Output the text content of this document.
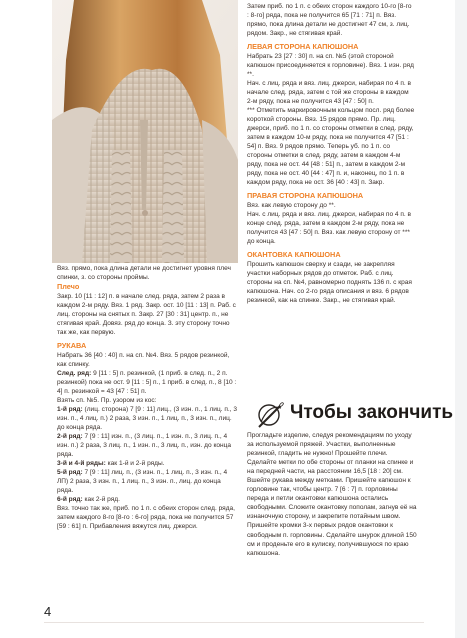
Вяз. прямо, пока длина детали не достигнет уровня плеч спинки, з. со стороны проймы.

Плечо

Закр. 10 [11 : 12] п. в начале след. ряда, затем 2 раза в каждом 2-м ряду. Вяз. 1 ряд. Закр. ост. 10 [11 : 13] п. Раб. с лиц. стороны на снятых п. Закр. 27 [30 : 31] центр. п., не стягивая край. Довяз. ряд до конца. З. эту сторону точно так же, как первую.

РУКАВА

Набрать 36 [40 : 40] п. на сп. №4. Вяз. 5 рядов резинкой, как спинку.

След. ряд: 9 [11 : 5] п. резинкой, (1 приб. в след. п., 2 п. резинкой) пока не ост. 9 [11 : 5] п., 1 приб. в след. п., 8 [10 : 4] п. резинкой = 43 [47 : 51] п.

Взять сп. №5. Пр. узором из кос:

1-й ряд: (лиц. сторона) 7 [9 : 11] лиц., (3 изн. п., 1 лиц. п., 3 изн. п., 4 лиц. п.) 2 раза, 3 изн. п., 1 лиц. п., 3 изн. п., лиц. до конца ряда.

2-й ряд: 7 [9 : 11] изн. п., (3 лиц. п., 1 изн. п., 3 лиц. п., 4 изн. п.) 2 раза, 3 лиц. п., 1 изн. п., 3 лиц. п., изн. до конца ряда.

3-й и 4-й ряды: как 1-й и 2-й ряды.

5-й ряд: 7 [9 : 11] лиц. п., (3 изн. п., 1 лиц. п., 3 изн. п., 4 ЛП) 2 раза, 3 изн. п., 1 лиц. п., 3 изн. п., лиц. до конца ряда.

6-й ряд: как 2-й ряд.

Вяз. точно так же, приб. по 1 п. с обеих сторон след. ряда, затем каждого 8-го [8-го : 6-го] ряда, пока не получится 57 [59 : 61] п. Прибавления вяжутся лиц. джерси.

Затем приб. по 1 п. с обеих сторон каждого 10-го [8-го : 8-го] ряда, пока не получится 65 [71 : 71] п. Вяз. прямо, пока длина детали не достигнет 47 см, з. лиц. рядом. Закр., не стягивая край.

ЛЕВАЯ СТОРОНА КАПЮШОНА

Набрать 23 [27 : 30] п. на сп. №5 (этой стороной капюшон присоединяется к горловине). Вяз. 1 изн. ряд **.

Нач. с лиц. ряда и вяз. лиц. джерси, набирая по 4 п. в начале след. ряда, затем с той же стороны в каждом 2-м ряду, пока не получится 43 [47 : 50] п.

*** Отметить маркировочным кольцом посл. ряд более короткой стороны. Вяз. 15 рядов прямо. Пр. лиц. джерси, приб. по 1 п. со стороны отметки в след. ряду, затем в каждом 10-м ряду, пока не получится 47 [51 : 54] п. Вяз. 9 рядов прямо. Теперь уб. по 1 п. со стороны отметки в след. ряду, затем в каждом 4-м ряду, пока не ост. 44 [48 : 51] п., затем в каждом 2-м ряду, пока не ост. 40 [44 : 47] п. и, наконец, по 1 п. в каждом ряду, пока не ост. 36 [40 : 43] п. Закр.

ПРАВАЯ СТОРОНА КАПЮШОНА

Вяз. как левую сторону до **.

Нач. с лиц. ряда и вяз. лиц. джерси, набирая по 4 п. в конце след. ряда, затем в каждом 2-м ряду, пока не получится 43 [47 : 50] п. Вяз. как левую сторону от *** до конца.

ОКАНТОВКА КАПЮШОНА

Прошить капюшон сверху и сзади, не закрепляя участки наборных рядов до отметок. Раб. с лиц. стороны на сп. №4, равномерно поднять 136 п. с края капюшона. Нач. со 2-го ряда описания и вяз. 6 рядов резинкой, как на спинке. Закр., не стягивая край.

Чтобы закончить
Прогладьте изделие, следуя рекомендациям по уходу за используемой пряжей. Участки, выполненные резинкой, гладить не нужно! Прошейте плечи. Сделайте метки по обе стороны от планки на спинке и на передней части, на расстоянии 16,5 [18 : 20] см. Вшейте рукава между метками. Пришейте капюшон к горловине так, чтобы центр. 7 [6 : 7] п. горловины переда и петли окантовки капюшона остались свободными. Сложите окантовку пополам, загнув её на изнаночную сторону, и закрепите потайным швом. Пришейте кромки 3-х первых рядов окантовки к свободным п. горловины. Сделайте шнурок длиной 150 см и проденьте его в кулиску, получившуюся по краю капюшона.
4
